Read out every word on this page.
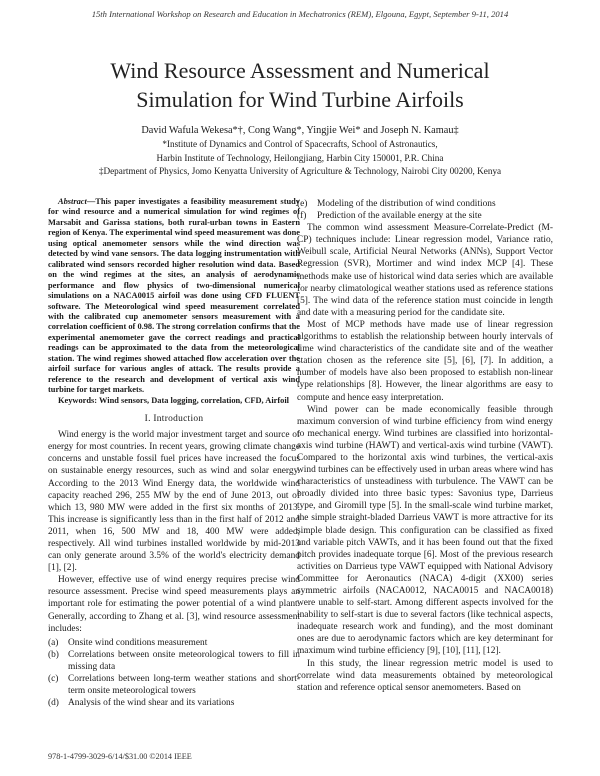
15th International Workshop on Research and Education in Mechatronics (REM), Elgouna, Egypt, September 9-11, 2014
Wind Resource Assessment and Numerical
Simulation for Wind Turbine Airfoils
David Wafula Wekesa*†, Cong Wang*, Yingjie Wei* and Joseph N. Kamau‡
*Institute of Dynamics and Control of Spacecrafts, School of Astronautics,
Harbin Institute of Technology, Heilongjiang, Harbin City 150001, P.R. China
‡Department of Physics, Jomo Kenyatta University of Agriculture & Technology, Nairobi City 00200, Kenya

Abstract—This paper investigates a feasibility measurement study for wind resource and a numerical simulation for wind regimes of Marsabit and Garissa stations, both rural-urban towns in Eastern region of Kenya. The experimental wind speed measurement was done using optical anemometer sensors while the wind direction was detected by wind vane sensors. The data logging instrumentation with calibrated wind sensors recorded higher resolution wind data. Based on the wind regimes at the sites, an analysis of aerodynamic performance and flow physics of two-dimensional numerical simulations on a NACA0015 airfoil was done using CFD FLUENT software. The Meteorological wind speed measurement correlated with the calibrated cup anemometer sensors measurement with a correlation coefficient of 0.98. The strong correlation confirms that the experimental anemometer gave the correct readings and practical readings can be approximated to the data from the meteorological station. The wind regimes showed attached flow acceleration over the airfoil surface for various angles of attack. The results provide a reference to the research and development of vertical axis wind turbine for target markets.

Keywords: Wind sensors, Data logging, correlation, CFD, Airfoil

I. Introduction

Wind energy is the world major investment target and source of energy for most countries. In recent years, growing climate change concerns and unstable fossil fuel prices have increased the focus on sustainable energy resources, such as wind and solar energy. According to the 2013 Wind Energy data, the worldwide wind capacity reached 296, 255 MW by the end of June 2013, out of which 13, 980 MW were added in the first six months of 2013. This increase is significantly less than in the first half of 2012 and 2011, when 16, 500 MW and 18, 400 MW were added, respectively. All wind turbines installed worldwide by mid-2013 can only generate around 3.5% of the world's electricity demand [1], [2].

However, effective use of wind energy requires precise wind resource assessment. Precise wind speed measurements plays an important role for estimating the power potential of a wind plant. Generally, according to Zhang et al. [3], wind resource assessment includes:

(a) Onsite wind conditions measurement
(b) Correlations between onsite meteorological towers to fill in missing data
(c) Correlations between long-term weather stations and short-term onsite meteorological towers
(d) Analysis of the wind shear and its variations
(e) Modeling of the distribution of wind conditions
(f) Prediction of the available energy at the site

The common wind assessment Measure-Correlate-Predict (M-CP) techniques include: Linear regression model, Variance ratio, Weibull scale, Artificial Neural Networks (ANNs), Support Vector Regression (SVR), Mortimer and wind index MCP [4]. These methods make use of historical wind data series which are available for nearby climatological weather stations used as reference stations [5]. The wind data of the reference station must coincide in length and date with a measuring period for the candidate site.

Most of MCP methods have made use of linear regression algorithms to establish the relationship between hourly intervals of time wind characteristics of the candidate site and of the weather station chosen as the reference site [5], [6], [7]. In addition, a number of models have also been proposed to establish non-linear type relationships [8]. However, the linear algorithms are easy to compute and hence easy interpretation.

Wind power can be made economically feasible through maximum conversion of wind turbine efficiency from wind energy to mechanical energy. Wind turbines are classified into horizontal-axis wind turbine (HAWT) and vertical-axis wind turbine (VAWT). Compared to the horizontal axis wind turbines, the vertical-axis wind turbines can be effectively used in urban areas where wind has characteristics of unsteadiness with turbulence. The VAWT can be broadly divided into three basic types: Savonius type, Darrieus type, and Giromill type [5]. In the small-scale wind turbine market, the simple straight-bladed Darrieus VAWT is more attractive for its simple blade design. This configuration can be classified as fixed and variable pitch VAWTs, and it has been found out that the fixed pitch provides inadequate torque [6]. Most of the previous research activities on Darrieus type VAWT equipped with National Advisory Committee for Aeronautics (NACA) 4-digit (XX00) series symmetric airfoils (NACA0012, NACA0015 and NACA0018) were unable to self-start. Among different aspects involved for the inability to self-start is due to several factors (like technical aspects, inadequate research work and funding), and the most dominant ones are due to aerodynamic factors which are key determinant for maximum wind turbine efficiency [9], [10], [11], [12].

In this study, the linear regression metric model is used to correlate wind data measurements obtained by meteorological station and reference optical sensor anemometers. Based on

978-1-4799-3029-6/14/$31.00 ©2014 IEEE
